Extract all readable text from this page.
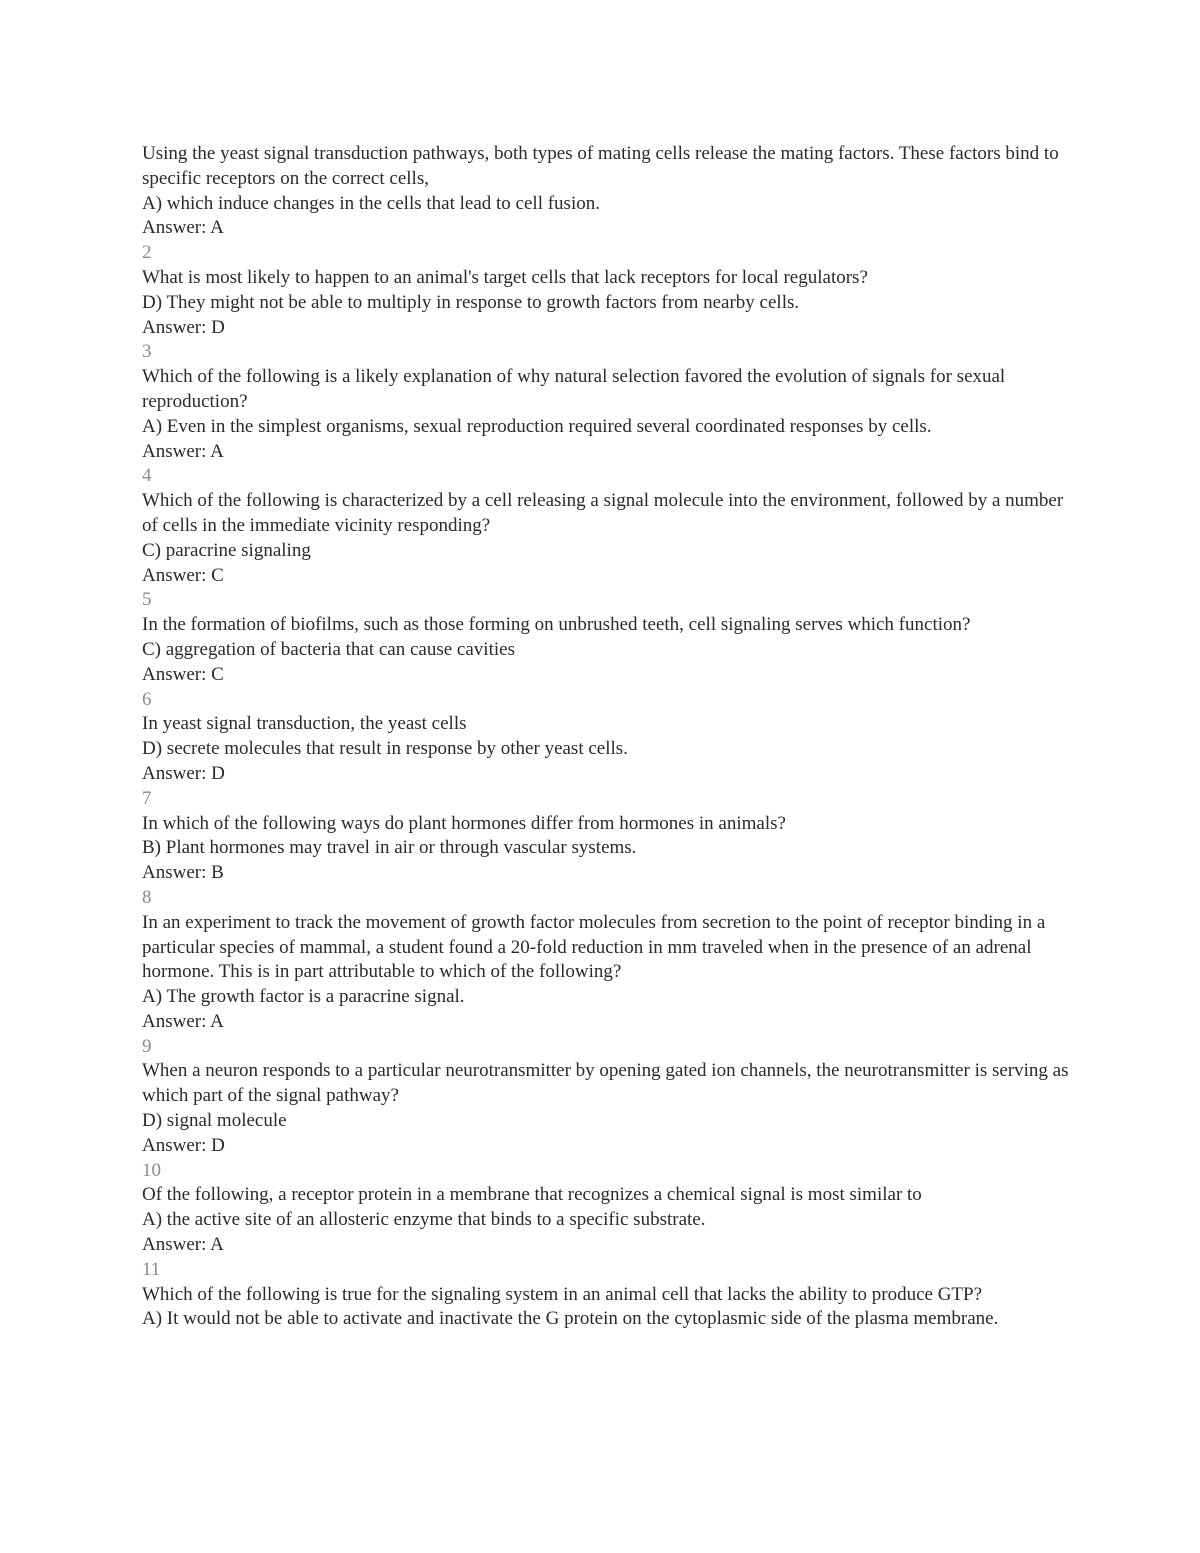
Using the yeast signal transduction pathways, both types of mating cells release the mating factors. These factors bind to specific receptors on the correct cells,
A) which induce changes in the cells that lead to cell fusion.
Answer: A
2
What is most likely to happen to an animal's target cells that lack receptors for local regulators?
D) They might not be able to multiply in response to growth factors from nearby cells.
Answer: D
3
Which of the following is a likely explanation of why natural selection favored the evolution of signals for sexual reproduction?
A) Even in the simplest organisms, sexual reproduction required several coordinated responses by cells.
Answer: A
4
Which of the following is characterized by a cell releasing a signal molecule into the environment, followed by a number of cells in the immediate vicinity responding?
C) paracrine signaling
Answer: C
5
In the formation of biofilms, such as those forming on unbrushed teeth, cell signaling serves which function?
C) aggregation of bacteria that can cause cavities
Answer: C
6
In yeast signal transduction, the yeast cells
D) secrete molecules that result in response by other yeast cells.
Answer: D
7
In which of the following ways do plant hormones differ from hormones in animals?
B) Plant hormones may travel in air or through vascular systems.
Answer: B
8
In an experiment to track the movement of growth factor molecules from secretion to the point of receptor binding in a particular species of mammal, a student found a 20-fold reduction in mm traveled when in the presence of an adrenal hormone. This is in part attributable to which of the following?
A) The growth factor is a paracrine signal.
Answer: A
9
When a neuron responds to a particular neurotransmitter by opening gated ion channels, the neurotransmitter is serving as which part of the signal pathway?
D) signal molecule
Answer: D
10
Of the following, a receptor protein in a membrane that recognizes a chemical signal is most similar to
A) the active site of an allosteric enzyme that binds to a specific substrate.
Answer: A
11
Which of the following is true for the signaling system in an animal cell that lacks the ability to produce GTP?
A) It would not be able to activate and inactivate the G protein on the cytoplasmic side of the plasma membrane.
